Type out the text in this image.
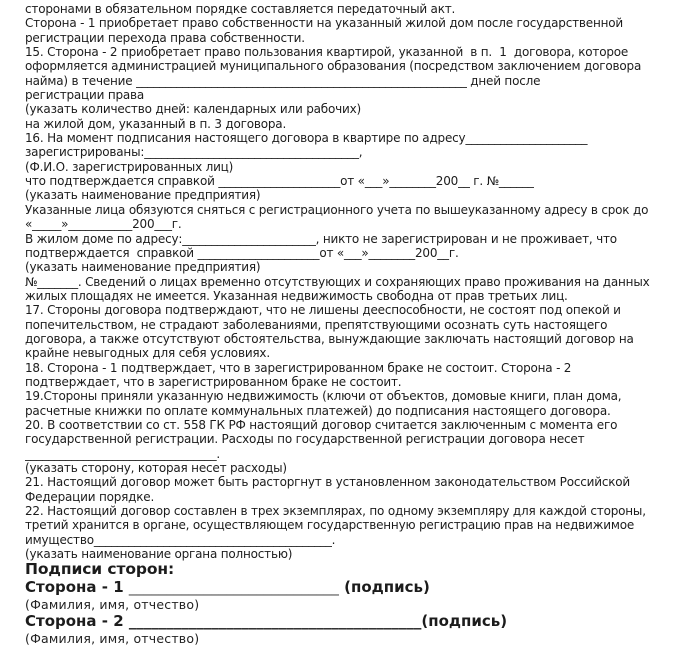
сторонами в обязательном порядке составляется передаточный акт.
Сторона - 1 приобретает право собственности на указанный жилой дом после государственной
регистрации перехода права собственности.
15. Сторона - 2 приобретает право пользования квартирой, указанной  в п.  1  договора, которое
оформляется администрацией муниципального образования (посредством заключением договора
найма) в течение _________________________________________________________ дней после
регистрации права
(указать количество дней: календарных или рабочих)
на жилой дом, указанный в п. 3 договора.
16. На момент подписания настоящего договора в квартире по адресу_____________________
зарегистрированы:_____________________________________,
(Ф.И.О. зарегистрированных лиц)
что подтверждается справкой _____________________от «___»________200__ г. №______
(указать наименование предприятия)
Указанные лица обязуются сняться с регистрационного учета по вышеуказанному адресу в срок до
«_____»___________200___г.
В жилом доме по адресу:_______________________, никто не зарегистрирован и не проживает, что
подтверждается  справкой _____________________от «___»________200__г.
(указать наименование предприятия)
№_______. Сведений о лицах временно отсутствующих и сохраняющих право проживания на данных
жилых площадях не имеется. Указанная недвижимость свободна от прав третьих лиц.
17. Стороны договора подтверждают, что не лишены дееспособности, не состоят под опекой и
попечительством, не страдают заболеваниями, препятствующими осознать суть настоящего
договора, а также отсутствуют обстоятельства, вынуждающие заключать настоящий договор на
крайне невыгодных для себя условиях.
18. Сторона - 1 подтверждает, что в зарегистрированном браке не состоит. Сторона - 2
подтверждает, что в зарегистрированном браке не состоит.
19.Стороны приняли указанную недвижимость (ключи от объектов, домовые книги, план дома,
расчетные книжки по оплате коммунальных платежей) до подписания настоящего договора.
20. В соответствии со ст. 558 ГК РФ настоящий договор считается заключенным с момента его
государственной регистрации. Расходы по государственной регистрации договора несет
_________________________________.
(указать сторону, которая несет расходы)
21. Настоящий договор может быть расторгнут в установленном законодательством Российской
Федерации порядке.
22. Настоящий договор составлен в трех экземплярах, по одному экземпляру для каждой стороны,
третий хранится в органе, осуществляющем государственную регистрацию прав на недвижимое
имущество_________________________________________.
(указать наименование органа полностью)
Подписи сторон:
Сторона - 1 ____________________________ (подпись)
(Фамилия, имя, отчество)
Сторона - 2 _______________________________________(подпись)
(Фамилия, имя, отчество)
